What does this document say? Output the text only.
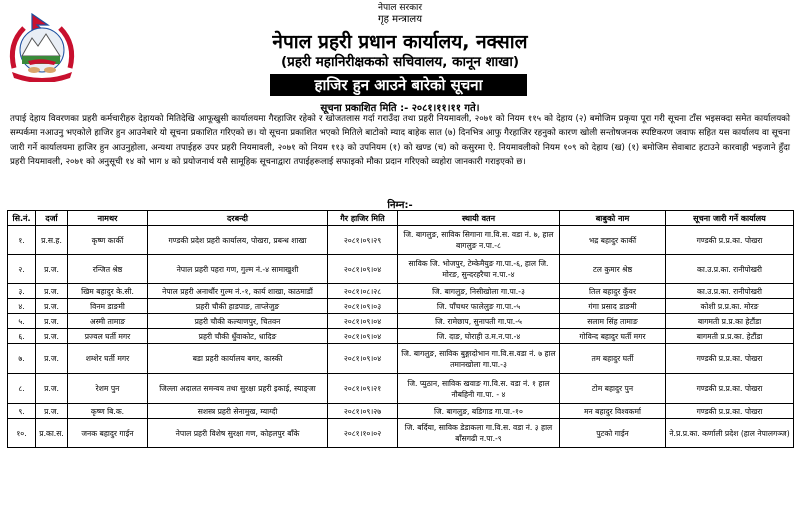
नेपाल सरकार
गृह मन्त्रालय
नेपाल प्रहरी प्रधान कार्यालय, नक्साल
(प्रहरी महानिरीक्षकको सचिवालय, कानून शाखा)
हाजिर हुन आउने बारेको सूचना
सूचना प्रकाशित मिति :- २०८१।११।११ गते।
तपाई देहाय विवरणका प्रहरी कर्मचारीहरु देहायको मितिदेखि आफूखुसी कार्यालयमा गैरहाजिर रहेको र खोजतलास गर्दा गराउँदा तथा प्रहरी नियमावली, २०७१ को नियम ११५ को देहाय (२) बमोजिम प्रकृया पूरा गरी सूचना टाँस भइसक्दा समेत कार्यालयको सम्पर्कमा नआउनु भएकोले हाजिर हुन आउनेबारे यो सूचना प्रकाशित गरिएको छ। यो सूचना प्रकाशित भएको मितिले बाटोको म्याद बाहेक सात (७) दिनभित्र आफु गैरहाजिर रहनुको कारण खोली सन्तोषजनक स्पष्टिकरण जवाफ सहित यस कार्यालय वा सूचना जारी गर्ने कार्यालयमा हाजिर हुन आउनुहोला, अन्यथा तपाईहरु उपर प्रहरी नियमावली, २०७१ को नियम ११३ को उपनियम (१) को खण्ड (च) को कसुरमा ऐ. नियमावलीको नियम १०९ को देहाय (ख) (१) बमोजिम सेवाबाट हटाउने कारवाही भइजाने हुँदा प्रहरी नियमावली, २०७१ को अनुसूची १४ को भाग ४ को प्रयोजनार्थ यसै सामूहिक सूचनाद्वारा तपाईहरूलाई सफाइको मौका प्रदान गरिएको व्यहोरा जानकारी गराइएको छ।
निम्न:-
सि.नं.	दर्जा	नामथर	दरबन्दी	गैर हाजिर मिति	स्थायी वतन	बाबुको नाम	सूचना जारी गर्ने कार्यालय
१.	प्र.स.ह.	कृष्ण कार्की	गण्डकी प्रदेश प्रहरी कार्यालय, पोखरा, प्रबन्ध शाखा	२०८१।०९।२९	जि. बागलुङ, साविक सिगाना गा.वि.स. वडा नं. ७, हाल बागलुङ न.पा.-८	भद्र बहादुर कार्की	गण्डकी प्र.प्र.का. पोखरा
२.	प्र.ज.	रन्जित श्रेष्ठ	नेपाल प्रहरी पहरा गण, गुल्म नं.-४ सामाखुशी	२०८१।०९।०४	साविक जि. भोजपुर, टेम्केमैयुङ गा.पा.-६, हाल जि. मोरङ, सुन्दरहरैचा न.पा.-४	टल कुमार श्रेष्ठ	का.उ.प्र.का. रानीपोखरी
३.	प्र.ज.	खिम बहादुर के.सी.	नेपाल प्रहरी अनाथौंर गुल्म नं.-१, कार्य शाखा, काठमाडौं	२०८१।०८।२८	जि. बागलुङ, निसीखोला गा.पा.-३	तिल बहादुर कुँवर	का.उ.प्र.का. रानीपोखरी
४.	प्र.ज.	विनम डाङमी	प्रहरी चौकी हाडपाङ, ताप्लेजुङ	२०८१।०९।०३	जि. पाँचथर फालेलुङ गा.पा.-५	गंगा प्रसाद डाङमी	कोशी प्र.प्र.का. मोरङ
५.	प्र.ज.	अस्मी तामाङ	प्रहरी चौकी कल्याणपुर, चितवन	२०८१।०९।०४	जि. रामेछाप, सुनापती गा.पा.-५	सलाम सिंह तामाङ	बागमती प्र.प्र.का हेटौंडा
६.	प्र.ज.	प्रज्वल घर्ती मगर	प्रहरी चौकी धुँवाकोट, धादिङ	२०८१।०९।०४	जि. दाङ, घोराही उ.म.न.पा.-४	गोविन्द बहादुर घर्ती मगर	बागमती प्र.प्र.का. हेटौंडा
७.	प्र.ज.	शम्शेर घर्ती मगर	बडा प्रहरी कार्यालय बगर, कास्की	२०८१।०९।०४	जि. बागलुङ, साविक बुङ्गादोभान गा.वि.स.वडा नं. ७ हाल तमानखोला गा.पा.-३	तम बहादुर घर्ती	गण्डकी प्र.प्र.का. पोखरा
८.	प्र.ज.	रेशम पुन	जिल्ला अदालत समन्वय तथा सुरक्षा प्रहरी इकाई, स्याङ्जा	२०८१।०९।२१	जि. प्युठान, साविक खवाङ गा.वि.स. वडा नं. १ हाल नौबहिनी गा.पा. - ४	टोम बहादुर पुन	गण्डकी प्र.प्र.का. पोखरा
९.	प्र.ज.	कृष्ण बि.क.	सशस्त्र प्रहरी सेनामुख, म्याग्दी	२०८१।०९।२७	जि. बागलुङ, बडिगाड गा.पा.-१०	मन बहादुर विश्वकर्मा	गण्डकी प्र.प्र.का. पोखरा
१०.	प्र.का.स.	जनक बहादुर गाईन	नेपाल प्रहरी विशेष सुरक्षा गण, कोहलपुर बाँके	२०८१।१०।०२	जि. बर्दिया, साविक डेडाकला गा.वि.स. वडा नं. ३ हाल बाँसगढी न.पा.-९	पुटको गाईन	ने.प्र.प्र.का. कर्णाली प्रदेश (हाल नेपालगञ्ज)
